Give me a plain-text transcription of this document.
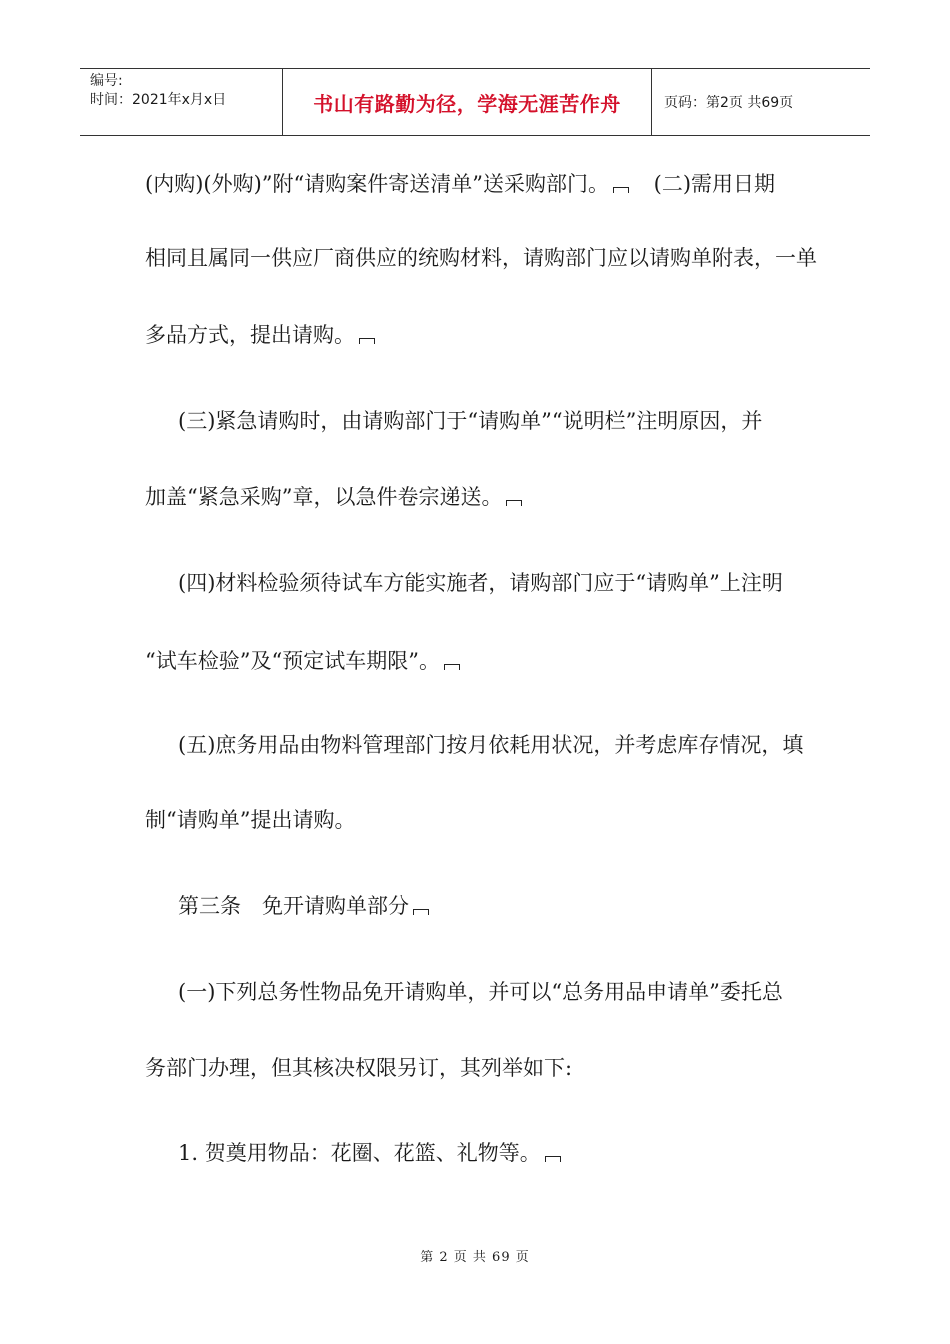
编号:
时间：2021年x月x日	书山有路勤为径，学海无涯苦作舟	页码：第2页 共69页
(内购)(外购)”附“请购案件寄送清单”送采购部门。 (二)需用日期
相同且属同一供应厂商供应的统购材料，请购部门应以请购单附表，一单
多品方式，提出请购。
(三)紧急请购时，由请购部门于“请购单”“说明栏”注明原因，并
加盖“紧急采购”章，以急件卷宗递送。
(四)材料检验须待试车方能实施者，请购部门应于“请购单”上注明
“试车检验”及“预定试车期限”。
(五)庶务用品由物料管理部门按月依耗用状况，并考虑库存情况，填
制“请购单”提出请购。
第三条　免开请购单部分
(一)下列总务性物品免开请购单，并可以“总务用品申请单”委托总
务部门办理，但其核决权限另订，其列举如下:
1. 贺奠用物品：花圈、花篮、礼物等。
第 2 页 共 69 页
